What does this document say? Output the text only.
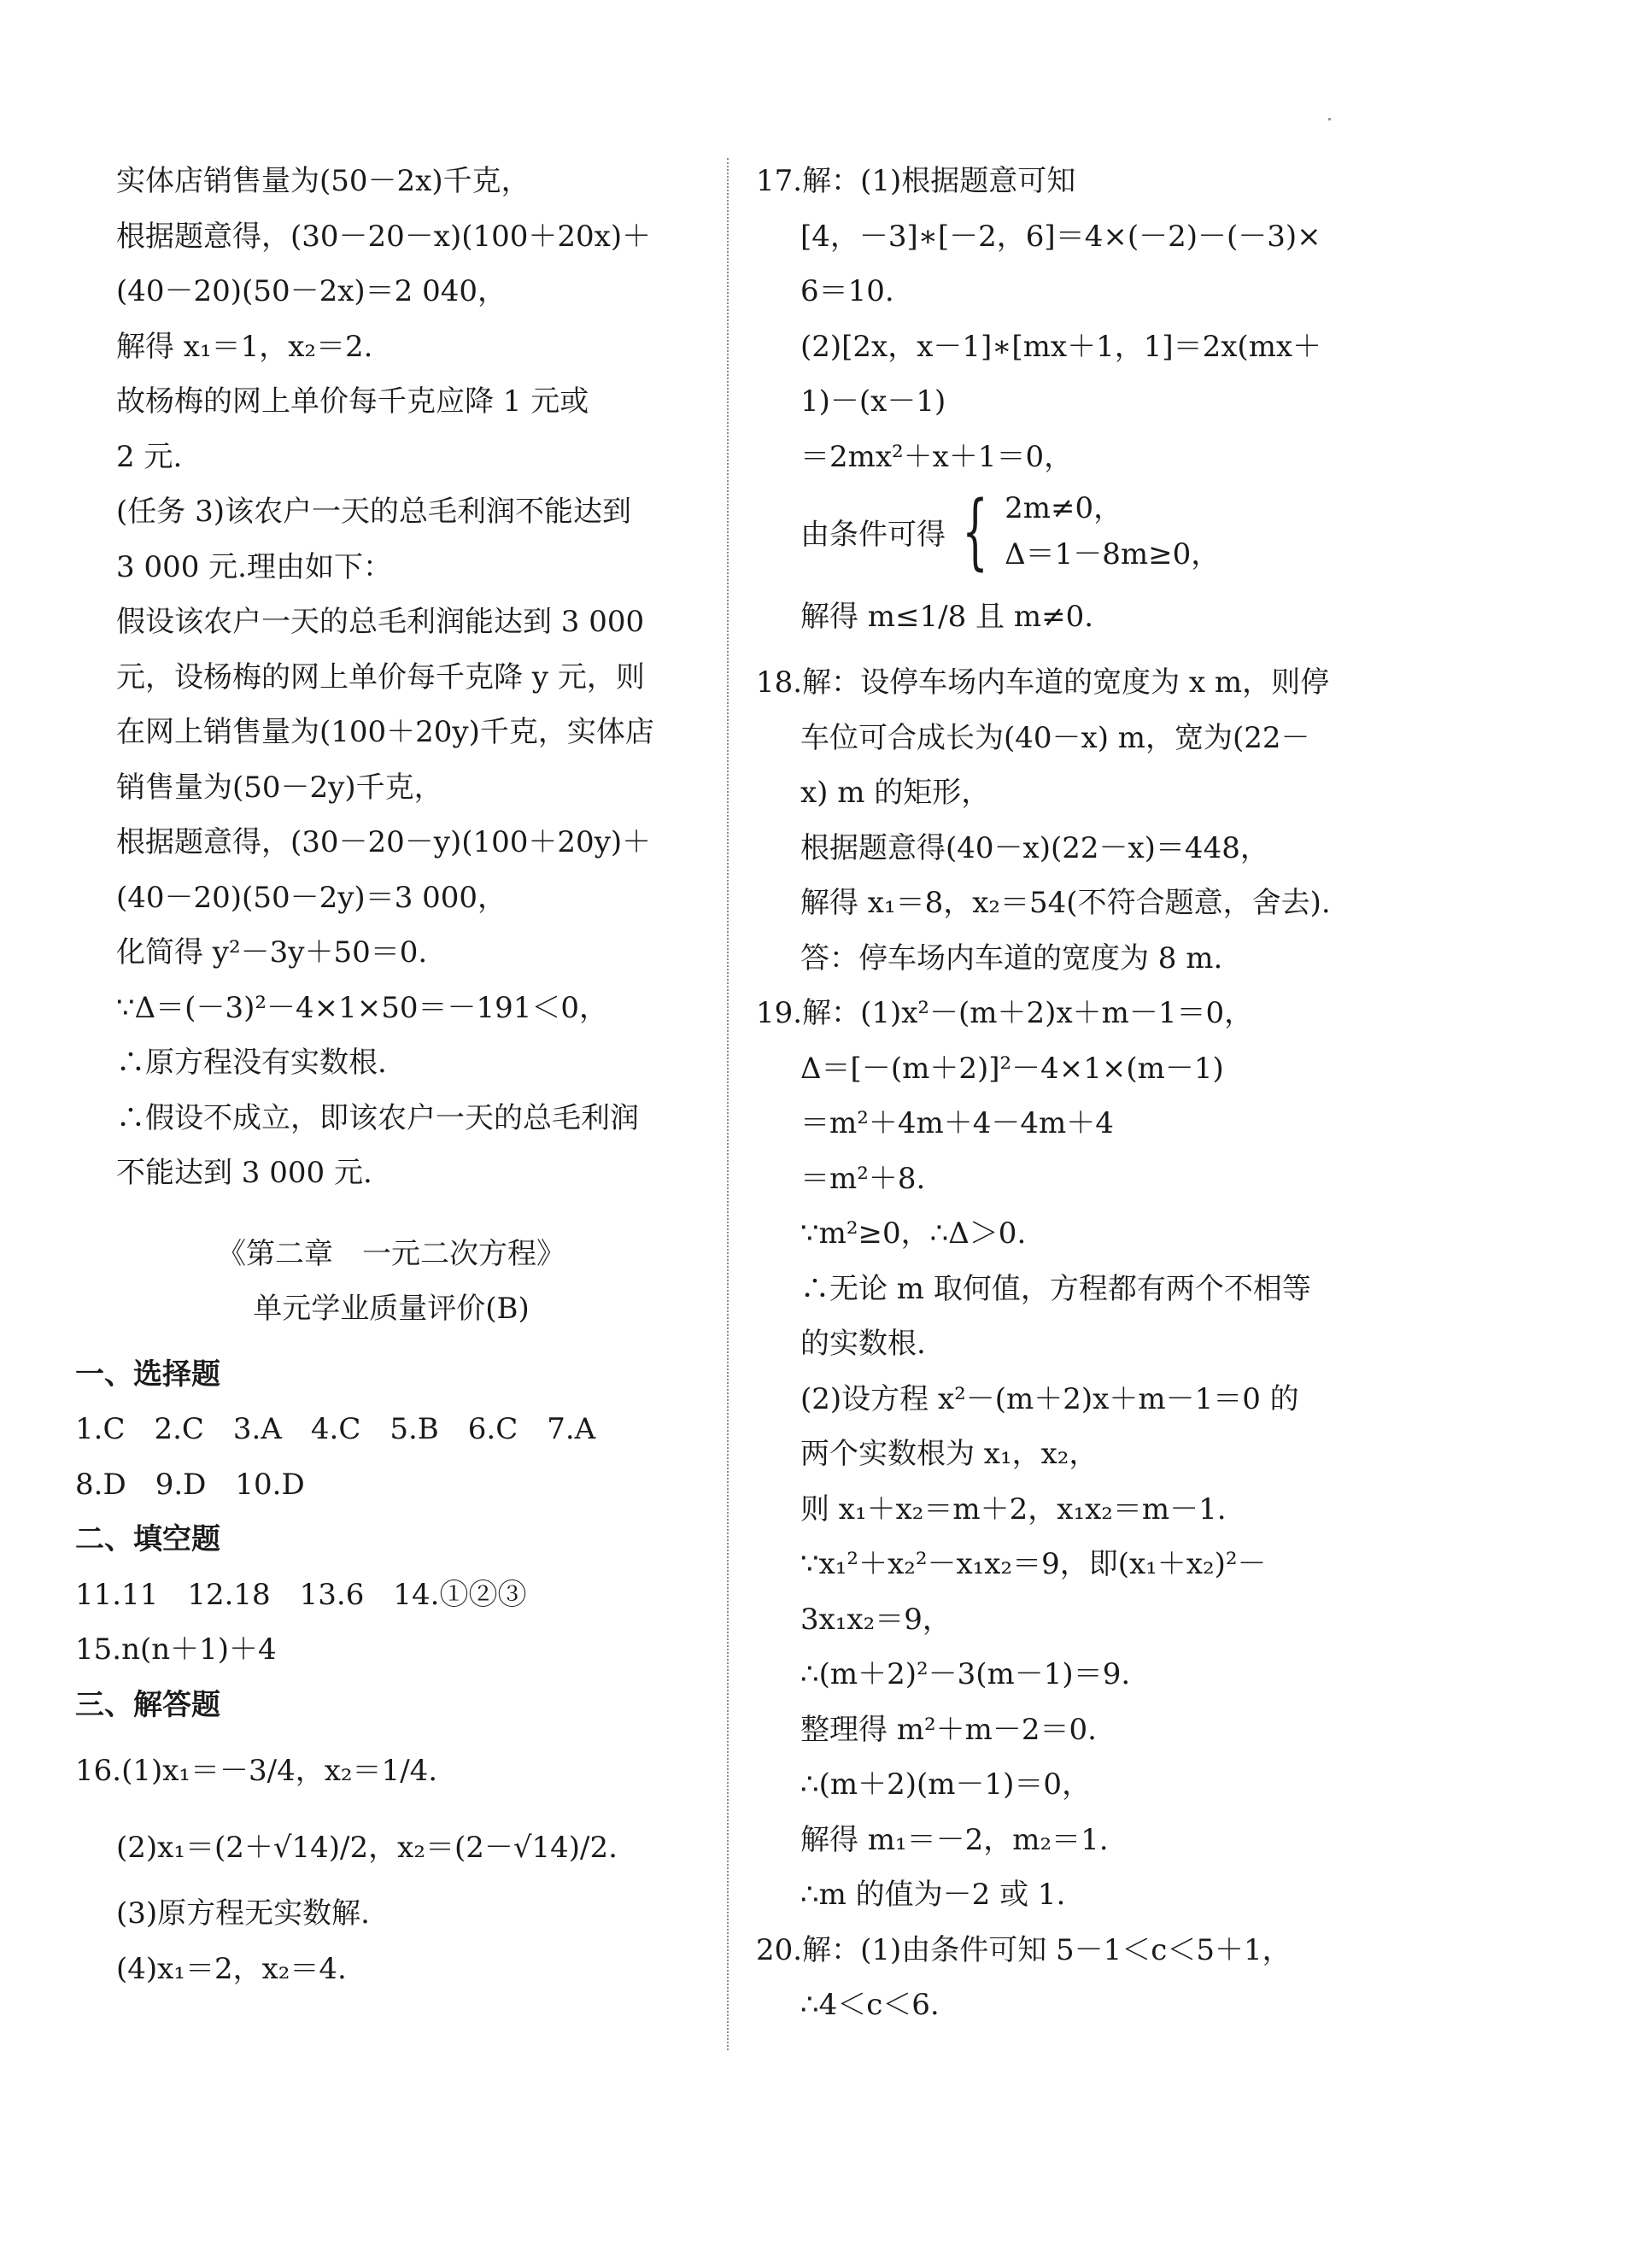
实体店销售量为(50－2x)千克，
根据题意得，(30－20－x)(100＋20x)＋
(40－20)(50－2x)＝2 040，
解得 x₁＝1，x₂＝2.
故杨梅的网上单价每千克应降 1 元或
2 元.
(任务 3)该农户一天的总毛利润不能达到
3 000 元.理由如下：
假设该农户一天的总毛利润能达到 3 000
元，设杨梅的网上单价每千克降 y 元，则
在网上销售量为(100＋20y)千克，实体店
销售量为(50－2y)千克，
根据题意得，(30－20－y)(100＋20y)＋
(40－20)(50－2y)＝3 000，
化简得 y²－3y＋50＝0.
∵Δ＝(－3)²－4×1×50＝－191＜0，
∴原方程没有实数根.
∴假设不成立，即该农户一天的总毛利润
不能达到 3 000 元.
《第二章　一元二次方程》
单元学业质量评价(B)
一、选择题
1.C　2.C　3.A　4.C　5.B　6.C　7.A
8.D　9.D　10.D
二、填空题
11.11　12.18　13.6　14.①②③
15.n(n＋1)＋4
三、解答题
16.(1)x₁＝－3/4，x₂＝1/4.
(2)x₁＝(2＋√14)/2，x₂＝(2－√14)/2.
(3)原方程无实数解.
(4)x₁＝2，x₂＝4.
17.解：(1)根据题意可知
[4，－3]∗[－2，6]＝4×(－2)－(－3)×
6＝10.
(2)[2x，x－1]∗[mx＋1，1]＝2x(mx＋
1)－(x－1)
＝2mx²＋x＋1＝0，
由条件可得 { 2m≠0，
Δ＝1－8m≥0，
解得 m≤1/8 且 m≠0.
18.解：设停车场内车道的宽度为 x m，则停
车位可合成长为(40－x) m，宽为(22－
x) m 的矩形，
根据题意得(40－x)(22－x)＝448，
解得 x₁＝8，x₂＝54(不符合题意，舍去).
答：停车场内车道的宽度为 8 m.
19.解：(1)x²－(m＋2)x＋m－1＝0，
Δ＝[－(m＋2)]²－4×1×(m－1)
＝m²＋4m＋4－4m＋4
＝m²＋8.
∵m²≥0，∴Δ＞0.
∴无论 m 取何值，方程都有两个不相等
的实数根.
(2)设方程 x²－(m＋2)x＋m－1＝0 的
两个实数根为 x₁，x₂，
则 x₁＋x₂＝m＋2，x₁x₂＝m－1.
∵x₁²＋x₂²－x₁x₂＝9，即(x₁＋x₂)²－
3x₁x₂＝9，
∴(m＋2)²－3(m－1)＝9.
整理得 m²＋m－2＝0.
∴(m＋2)(m－1)＝0，
解得 m₁＝－2，m₂＝1.
∴m 的值为－2 或 1.
20.解：(1)由条件可知 5－1＜c＜5＋1，
∴4＜c＜6.
